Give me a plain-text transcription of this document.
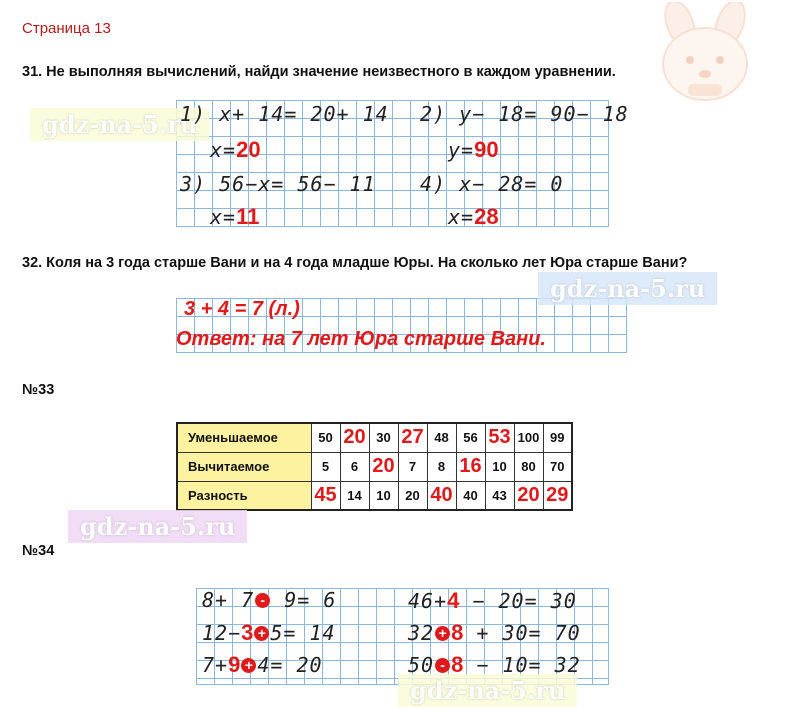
Страница 13
31. Не выполняя вычислений, найди значение неизвестного в каждом уравнении.
gdz-na-5.ru
1) x+ 14= 20+ 14 2) y− 18= 90− 18
x=20	y=90
3) 56−x= 56− 11 4) x− 28= 0
x=11	x=28
32. Коля на 3 года старше Вани и на 4 года младше Юры. На сколько лет Юра старше Вани?
gdz-na-5.ru
3 + 4 = 7 (л.)
Ответ: на 7 лет Юра старше Вани.
№33
Уменьшаемое	50	20	30	27	48	56	53	100	99
Вычитаемое	5	6	20	7	8	16	10	80	70
Разность	45	14	10	20	40	40	43	20	29
gdz-na-5.ru
№34
gdz-na-5.ru
8+ 7 - 9= 6
12−3 + 5= 14
7+9 + 4= 20
46+4 − 20= 30
32 + 8 + 30= 70
50 - 8 − 10= 32
